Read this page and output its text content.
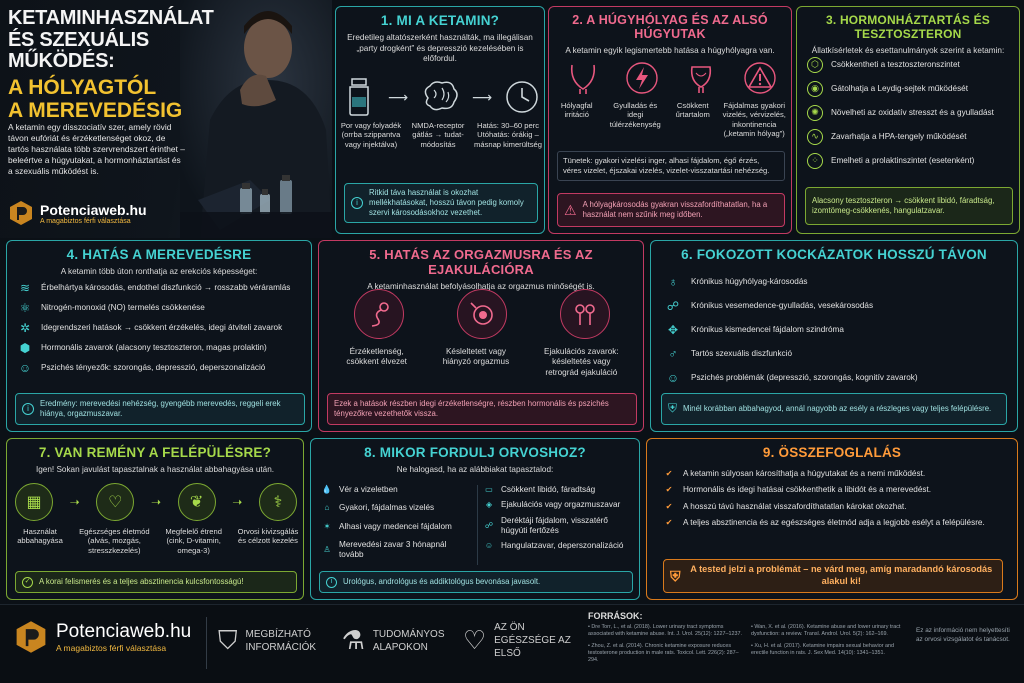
KETAMINHASZNÁLAT
ÉS SZEXUÁLIS MŰKÖDÉS:
A HÓLYAGTÓL
A MEREVEDÉSIG
A ketamin egy disszociatív szer, amely rövid távon eufóriát és érzéketlenséget okoz, de tartós használata több szervrendszert érinthet – beleértve a húgyutakat, a hormonháztartást és a szexuális működést is.
Potenciaweb.hu
A magabiztos férfi választása
1. MI A KETAMIN?
Eredetileg altatószerként használták, ma illegálisan „party drogként” és depresszió kezelésében is előfordul.
⟶	⟶
Por vagy folyadék (orrba szippantva vagy injektálva)
NMDA-receptor gátlás → tudat-módosítás
Hatás: 30–60 perc Utóhatás: órákig – másnap kimerültség
i
Ritkid táva használat is okozhat mellékhatásokat, hosszú távon pedig komoly szervi károsodásokhoz vezethet.
2. A HÚGYHÓLYAG ÉS AZ ALSÓ HÚGYUTAK
A ketamin egyik legismertebb hatása a húgyhólyagra van.
Hólyagfal irritáció
Gyulladás és idegi túlérzékenység
Csökkent űrtartalom
Fájdalmas gyakori vizelés, vérvizelés, inkontinencia („ketamin hólyag”)
Tünetek: gyakori vizelési inger, alhasi fájdalom, égő érzés, véres vizelet, éjszakai vizelés, vizelet-visszatartási nehézség.
⚠ A hólyagkárosodás gyakran visszafordíthatatlan, ha a használat nem szűnik meg időben.
3. HORMONHÁZTARTÁS ÉS TESZTOSZTERON
Állatkísérletek és esettanulmányok szerint a ketamin:
⬡	Csökkentheti a tesztoszteronszintet
◉	Gátolhatja a Leydig-sejtek működését
✺	Növelheti az oxidatív stresszt és a gyulladást
∿	Zavarhatja a HPA-tengely működését
⁘	Emelheti a prolaktinszintet (esetenként)
Alacsony tesztoszteron → csökkent libidó, fáradtság, izomtömeg-csökkenés, hangulatzavar.
4. HATÁS A MEREVEDÉSRE
A ketamin több úton ronthatja az erekciós képességet:
≋	Érbelhártya károsodás, endothel diszfunkció → rosszabb véráramlás
⚛	Nitrogén-monoxid (NO) termelés csökkenése
✲	Idegrendszeri hatások → csökkent érzékelés, idegi átviteli zavarok
⬢	Hormonális zavarok (alacsony tesztoszteron, magas prolaktin)
☺ Pszichés tényezők: szorongás, depresszió, deperszonalizáció
i
Eredmény: merevedési nehézség, gyengébb merevedés, reggeli erek hiánya, orgazmuszavar.
5. HATÁS AZ ORGAZMUSRA ÉS AZ EJAKULÁCIÓRA
A ketaminhasználat befolyásolhatja az orgazmus minőségét is.
Érzéketlenség, csökkent élvezet
Késleltetett vagy hiányzó orgazmus
Ejakulációs zavarok: késleltetés vagy retrográd ejakuláció
Ezek a hatások részben idegi érzéketlenségre, részben hormonális és pszichés tényezőkre vezethetők vissza.
6. FOKOZOTT KOCKÁZATOK HOSSZÚ TÁVON
♁	Krónikus húgyhólyag-károsodás
☍ Krónikus vesemedence-gyulladás, vesekárosodás
✥	Krónikus kismedencei fájdalom szindróma
♂	Tartós szexuális diszfunkció
☺ Pszichés problémák (depresszió, szorongás, kognitív zavarok)
⛨ Minél korábban abbahagyod, annál nagyobb az esély a részleges vagy teljes felépülésre.
7. VAN REMÉNY A FELÉPÜLÉSRE?
Igen! Sokan javulást tapasztalnak a használat abbahagyása után.
▦	➝	♡	➝	❦	➝	⚕
Használat abbahagyása
Egészséges életmód (alvás, mozgás, stresszkezelés)
Megfelelő étrend (cink, D-vitamin, omega-3)
Orvosi kivizsgálás és célzott kezelés
✓	A korai felismerés és a teljes absztinencia kulcsfontosságú!
8. MIKOR FORDULJ ORVOSHOZ?
Ne halogasd, ha az alábbiakat tapasztalod:
💧 Vér a vizeletben
⌂	Gyakori, fájdalmas vizelés
✶	Alhasi vagy medencei fájdalom
♙
Merevedési zavar 3 hónapnál tovább
▭ Csökkent libidó, fáradtság
◈	Ejakulációs vagy orgazmuszavar
☍
Deréktáji fájdalom, visszatérő húgyúti fertőzés
☺ Hangulatzavar, deperszonalizáció
i	Urológus, andrológus és addiktológus bevonása javasolt.
9. ÖSSZEFOGLALÁS
✔	A ketamin súlyosan károsíthatja a húgyutakat és a nemi működést.
✔	Hormonális és idegi hatásai csökkenthetik a libidót és a merevedést.
✔	A hosszú távú használat visszafordíthatatlan károkat okozhat.
✔	A teljes absztinencia és az egészséges életmód adja a legjobb esélyt a felépülésre.
⛨	A tested jelzi a problémát – ne várd meg, amíg maradandó károsodás alakul ki!
Potenciaweb.hu
A magabiztos férfi választása	⛉ MEGBÍZHATÓ INFORMÁCIÓK ⚗ TUDOMÁNYOS ALAPOKON	♡ AZ ÖN EGÉSZSÉGE AZ ELSŐ
FORRÁSOK:
• Dre Torr, L., et al. (2018). Lower urinary tract symptoms associated with ketamine abuse. Int. J. Urol. 25(12): 1227–1237.
• Wan, X. et al. (2016). Ketamine abuse and lower urinary tract dysfunction: a review. Transl. Androl. Urol. 5(2): 162–169.
• Zhou, Z. et al. (2014). Chronic ketamine exposure reduces testosterone production in male rats. Toxicol. Lett. 226(2): 287–294.
• Xu, H. et al. (2017). Ketamine impairs sexual behavior and erectile function in rats. J. Sex Med. 14(10): 1341–1351.
Ez az információ nem helyettesíti az orvosi vizsgálatot és tanácsot.
